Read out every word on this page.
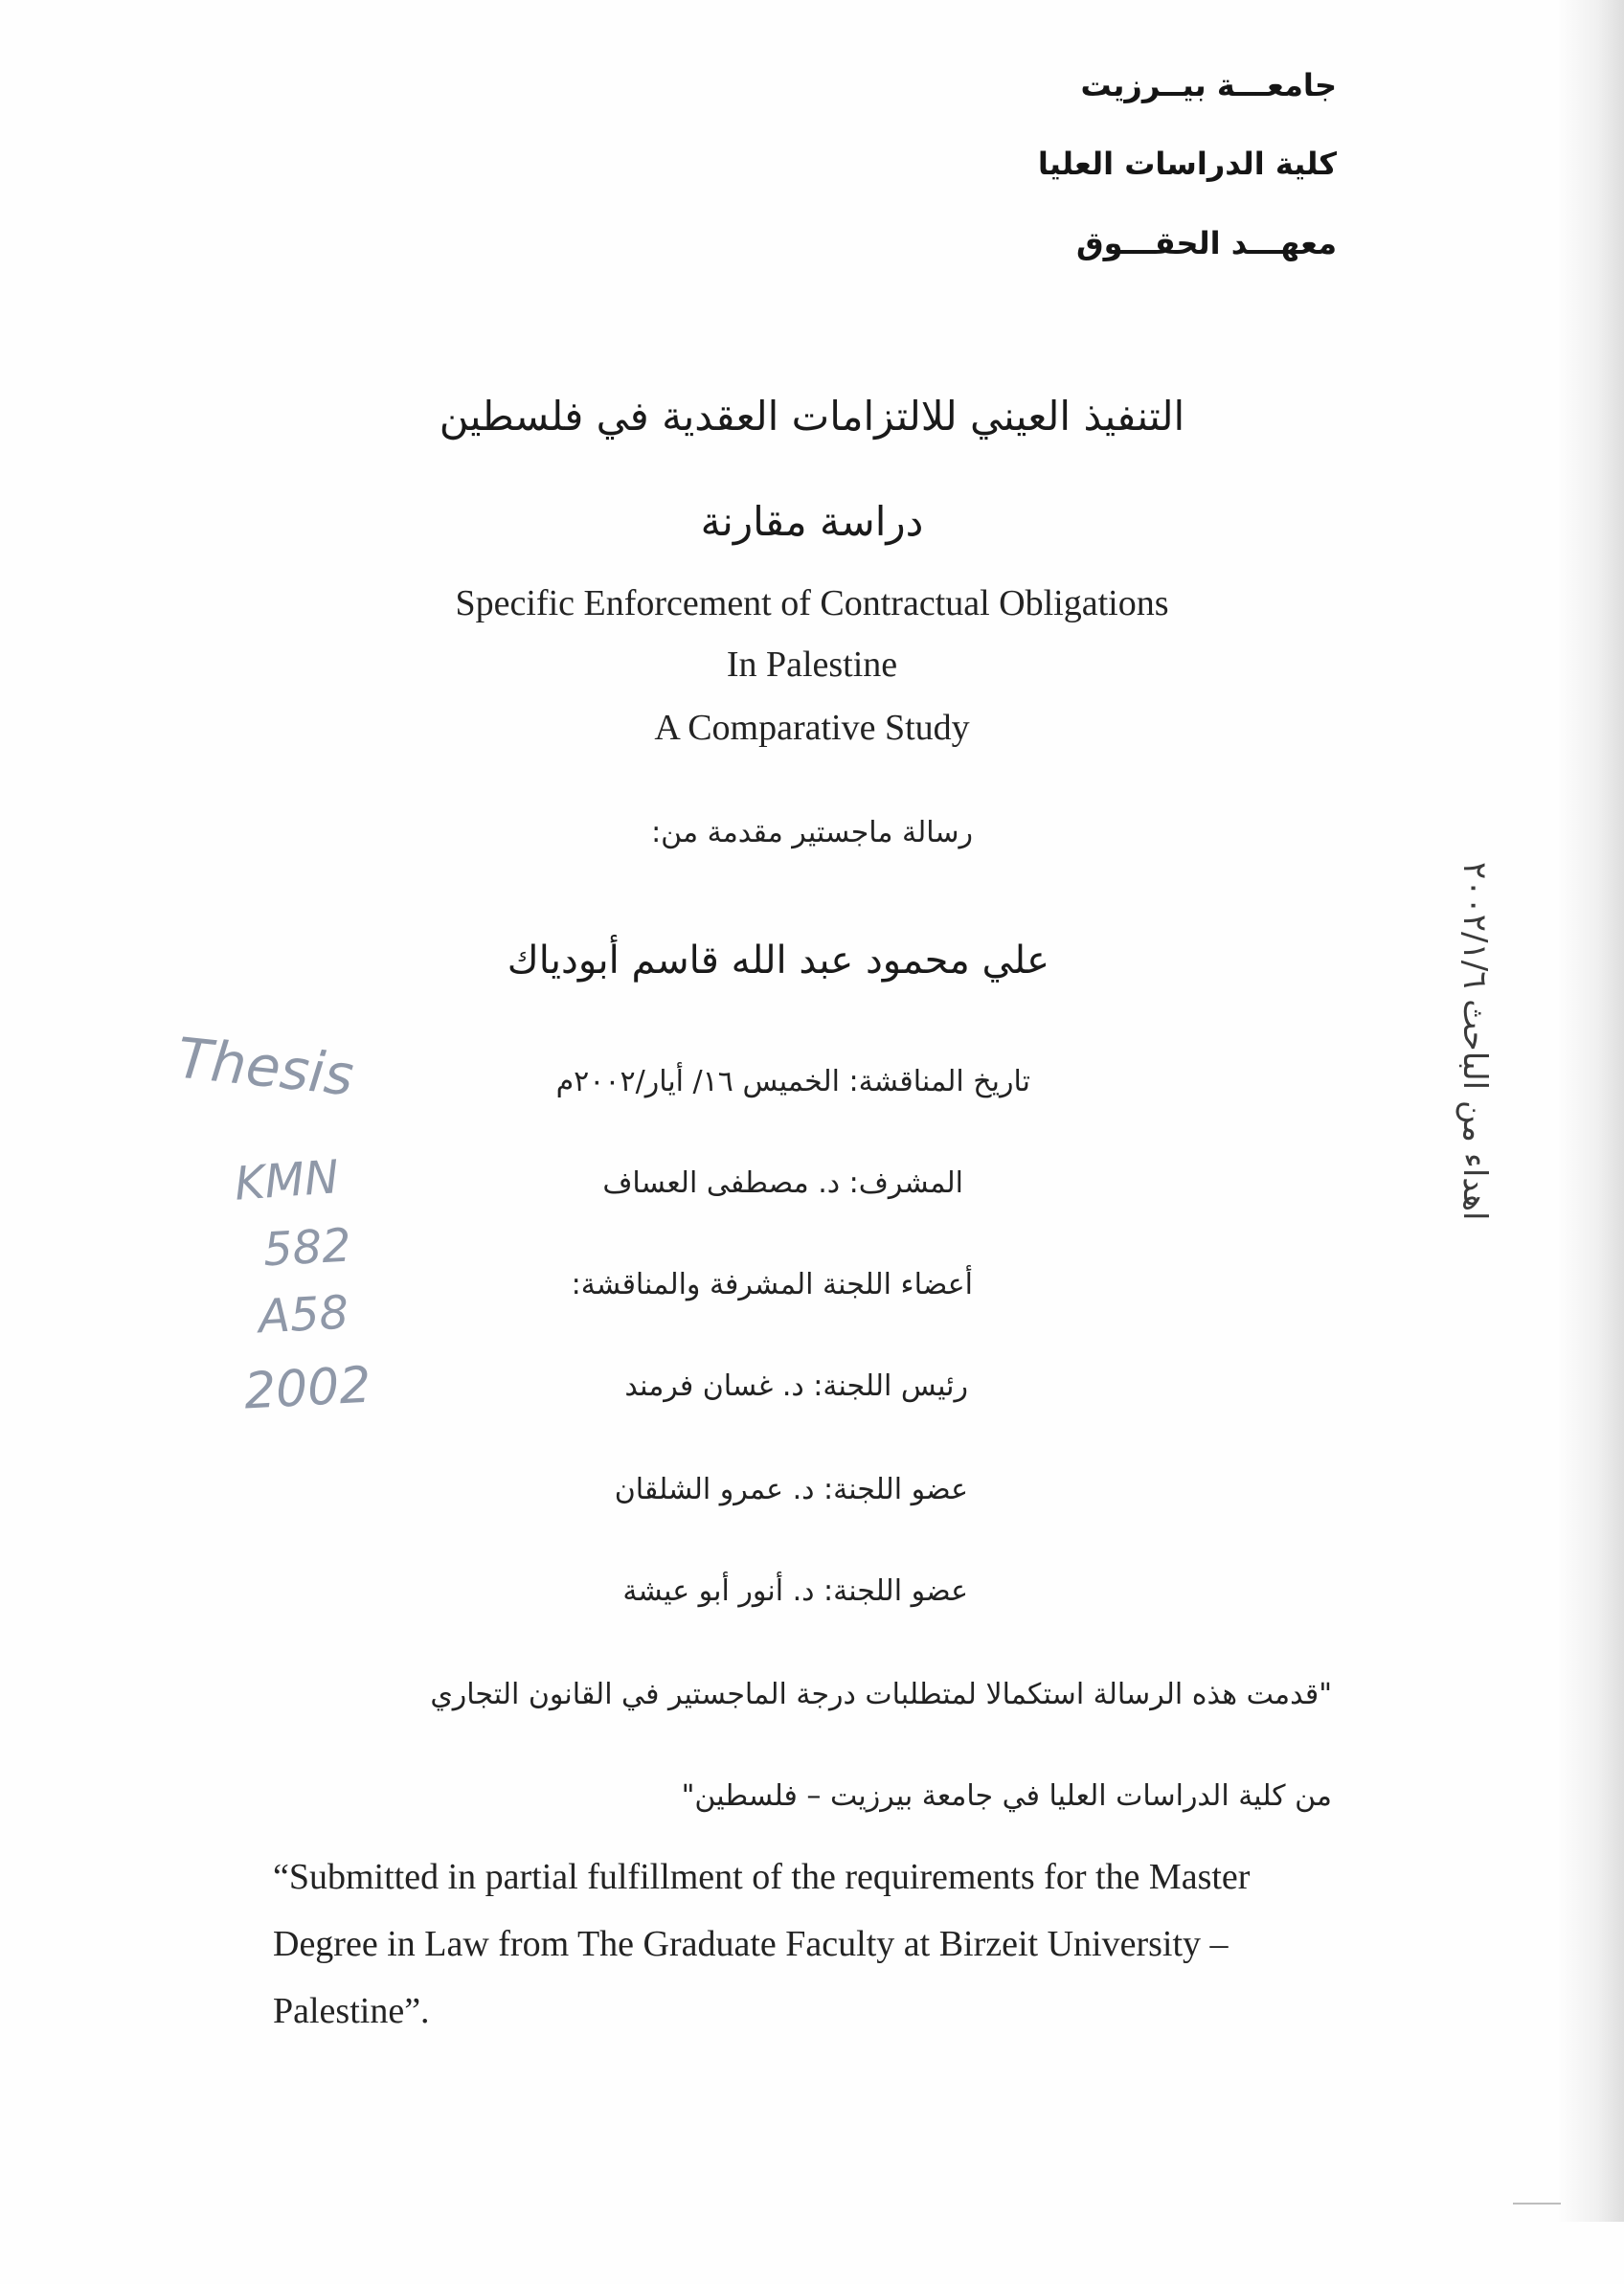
جامعـــة بيــرزيت
كلية الدراسات العليا
معهـــد الحقـــوق
التنفيذ العيني للالتزامات العقدية في فلسطين
دراسة مقارنة
Specific Enforcement of Contractual Obligations
In Palestine
A Comparative Study
رسالة ماجستير مقدمة من:
علي محمود عبد الله قاسم أبودياك
تاريخ المناقشة: الخميس ١٦/ أيار/٢٠٠٢م
المشرف: د. مصطفى العساف
أعضاء اللجنة المشرفة والمناقشة:
رئيس اللجنة: د. غسان فرمند
عضو اللجنة: د. عمرو الشلقان
عضو اللجنة: د. أنور أبو عيشة
"قدمت هذه الرسالة استكمالا لمتطلبات درجة الماجستير في القانون التجاري
من كلية الدراسات العليا في جامعة بيرزيت – فلسطين"
“Submitted in partial fulfillment of the requirements for the Master Degree in Law from The Graduate Faculty at Birzeit University – Palestine”.
Thesis
KMN
582
A58
2002
اهداء من الباحث ٢٠٠٢/١/٦
